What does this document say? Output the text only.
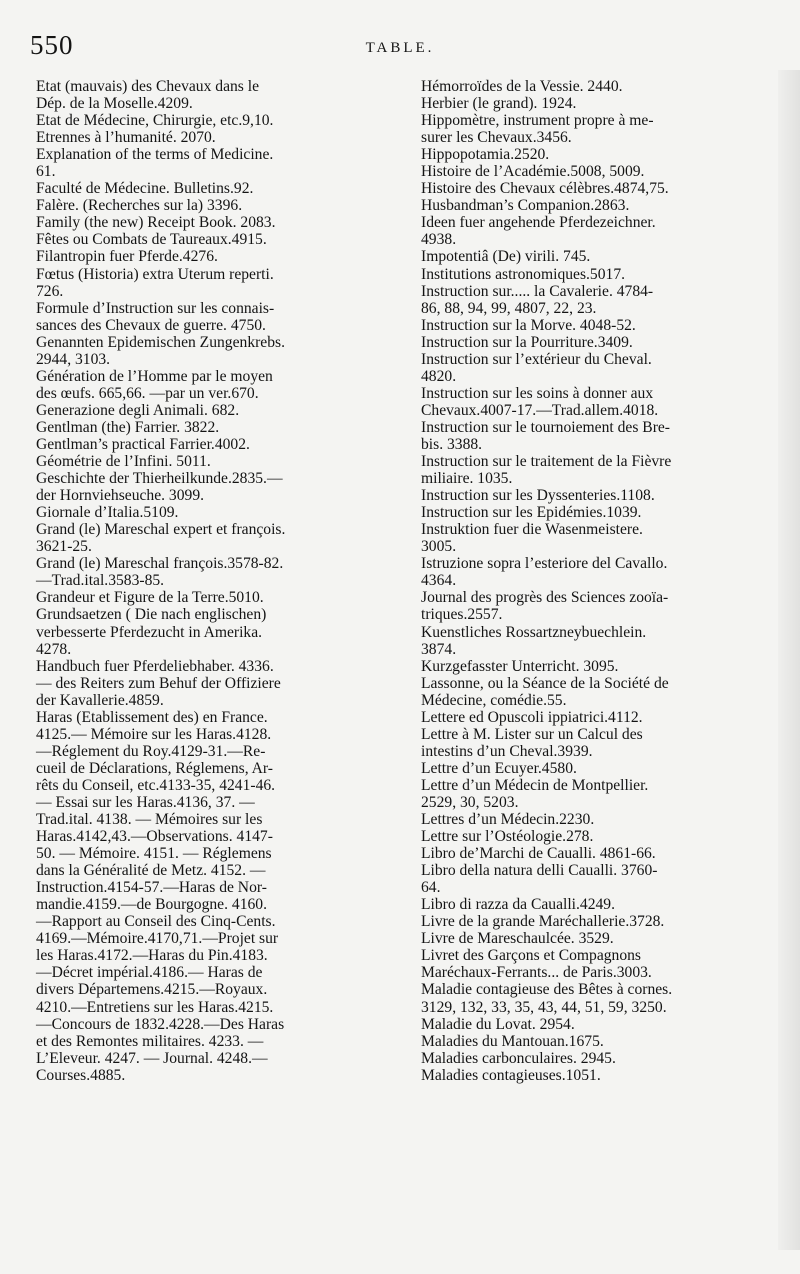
550	TABLE.
Etat (mauvais) des Chevaux dans le
Dép. de la Moselle.4209.
Etat de Médecine, Chirurgie, etc.9,10.
Etrennes à l’humanité. 2070.
Explanation of the terms of Medicine.
61.
Faculté de Médecine. Bulletins.92.
Falère. (Recherches sur la) 3396.
Family (the new) Receipt Book. 2083.
Fêtes ou Combats de Taureaux.4915.
Filantropin fuer Pferde.4276.
Fœtus (Historia) extra Uterum reperti.
726.
Formule d’Instruction sur les connais-
sances des Chevaux de guerre. 4750.
Genannten Epidemischen Zungenkrebs.
2944, 3103.
Génération de l’Homme par le moyen
des œufs. 665,66. —par un ver.670.
Generazione degli Animali. 682.
Gentlman (the) Farrier. 3822.
Gentlman’s practical Farrier.4002.
Géométrie de l’Infini. 5011.
Geschichte der Thierheilkunde.2835.—
der Hornviehseuche. 3099.
Giornale d’Italia.5109.
Grand (le) Mareschal expert et françois.
3621-25.
Grand (le) Mareschal françois.3578-82.
—Trad.ital.3583-85.
Grandeur et Figure de la Terre.5010.
Grundsaetzen ( Die nach englischen)
verbesserte Pferdezucht in Amerika.
4278.
Handbuch fuer Pferdeliebhaber. 4336.
— des Reiters zum Behuf der Offiziere
der Kavallerie.4859.
Haras (Etablissement des) en France.
4125.— Mémoire sur les Haras.4128.
—Réglement du Roy.4129-31.—Re-
cueil de Déclarations, Réglemens, Ar-
rêts du Conseil, etc.4133-35, 4241-46.
— Essai sur les Haras.4136, 37. —
Trad.ital. 4138. — Mémoires sur les
Haras.4142,43.—Observations. 4147-
50. — Mémoire. 4151. — Réglemens
dans la Généralité de Metz. 4152. —
Instruction.4154-57.—Haras de Nor-
mandie.4159.—de Bourgogne. 4160.
—Rapport au Conseil des Cinq-Cents.
4169.—Mémoire.4170,71.—Projet sur
les Haras.4172.—Haras du Pin.4183.
—Décret impérial.4186.— Haras de
divers Départemens.4215.—Royaux.
4210.—Entretiens sur les Haras.4215.
—Concours de 1832.4228.—Des Haras
et des Remontes militaires. 4233. —
L’Eleveur. 4247. — Journal. 4248.—
Courses.4885.
Hémorroïdes de la Vessie. 2440.
Herbier (le grand). 1924.
Hippomètre, instrument propre à me-
surer les Chevaux.3456.
Hippopotamia.2520.
Histoire de l’Académie.5008, 5009.
Histoire des Chevaux célèbres.4874,75.
Husbandman’s Companion.2863.
Ideen fuer angehende Pferdezeichner.
4938.
Impotentiâ (De) virili. 745.
Institutions astronomiques.5017.
Instruction sur..... la Cavalerie. 4784-
86, 88, 94, 99, 4807, 22, 23.
Instruction sur la Morve. 4048-52.
Instruction sur la Pourriture.3409.
Instruction sur l’extérieur du Cheval.
4820.
Instruction sur les soins à donner aux
Chevaux.4007-17.—Trad.allem.4018.
Instruction sur le tournoiement des Bre-
bis. 3388.
Instruction sur le traitement de la Fièvre
miliaire. 1035.
Instruction sur les Dyssenteries.1108.
Instruction sur les Epidémies.1039.
Instruktion fuer die Wasenmeistere.
3005.
Istruzione sopra l’esteriore del Cavallo.
4364.
Journal des progrès des Sciences zooïa-
triques.2557.
Kuenstliches Rossartzneybuechlein.
3874.
Kurzgefasster Unterricht. 3095.
Lassonne, ou la Séance de la Société de
Médecine, comédie.55.
Lettere ed Opuscoli ippiatrici.4112.
Lettre à M. Lister sur un Calcul des
intestins d’un Cheval.3939.
Lettre d’un Ecuyer.4580.
Lettre d’un Médecin de Montpellier.
2529, 30, 5203.
Lettres d’un Médecin.2230.
Lettre sur l’Ostéologie.278.
Libro de’Marchi de Caualli. 4861-66.
Libro della natura delli Caualli. 3760-
64.
Libro di razza da Caualli.4249.
Livre de la grande Maréchallerie.3728.
Livre de Mareschaulcée. 3529.
Livret des Garçons et Compagnons
Maréchaux-Ferrants... de Paris.3003.
Maladie contagieuse des Bêtes à cornes.
3129, 132, 33, 35, 43, 44, 51, 59, 3250.
Maladie du Lovat. 2954.
Maladies du Mantouan.1675.
Maladies carbonculaires. 2945.
Maladies contagieuses.1051.
